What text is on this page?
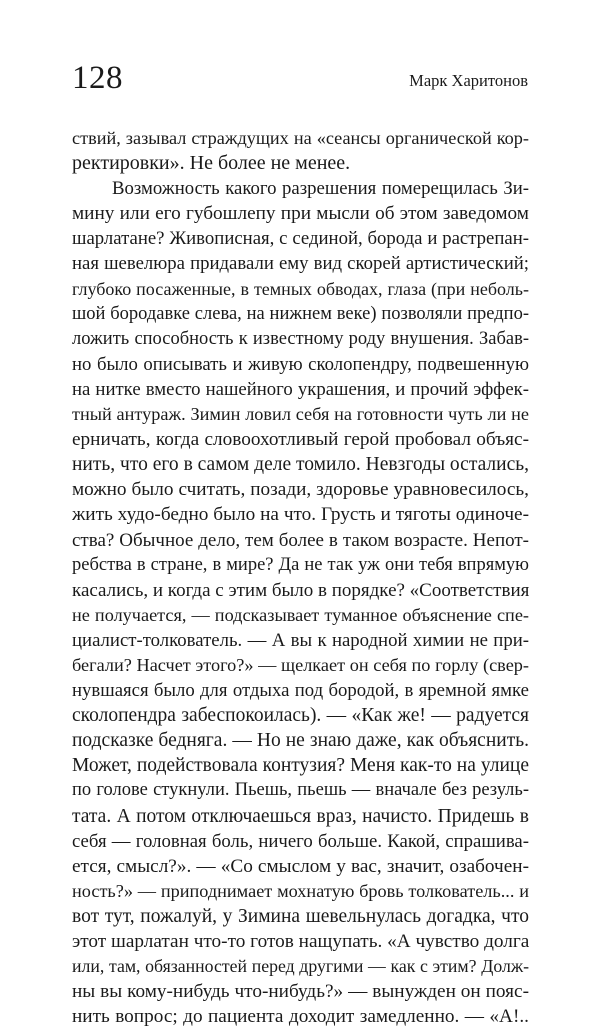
128	Марк Харитонов
ствий, зазывал страждущих на «сеансы органической кор-
ректировки». Не более не менее.
Возможность какого разрешения померещилась Зи-
мину или его губошлепу при мысли об этом заведомом
шарлатане? Живописная, с сединой, борода и растрепан-
ная шевелюра придавали ему вид скорей артистический;
глубоко посаженные, в темных обводах, глаза (при неболь-
шой бородавке слева, на нижнем веке) позволяли предпо-
ложить способность к известному роду внушения. Забав-
но было описывать и живую сколопендру, подвешенную
на нитке вместо нашейного украшения, и прочий эффек-
тный антураж. Зимин ловил себя на готовности чуть ли не
ерничать, когда словоохотливый герой пробовал объяс-
нить, что его в самом деле томило. Невзгоды остались,
можно было считать, позади, здоровье уравновесилось,
жить худо-бедно было на что. Грусть и тяготы одиноче-
ства? Обычное дело, тем более в таком возрасте. Непот-
ребства в стране, в мире? Да не так уж они тебя впрямую
касались, и когда с этим было в порядке? «Соответствия
не получается, — подсказывает туманное объяснение спе-
циалист-толкователь. — А вы к народной химии не при-
бегали? Насчет этого?» — щелкает он себя по горлу (свер-
нувшаяся было для отдыха под бородой, в яремной ямке
сколопендра забеспокоилась). — «Как же! — радуется
подсказке бедняга. — Но не знаю даже, как объяснить.
Может, подействовала контузия? Меня как-то на улице
по голове стукнули. Пьешь, пьешь — вначале без резуль-
тата. А потом отключаешься враз, начисто. Придешь в
себя — головная боль, ничего больше. Какой, спрашива-
ется, смысл?». — «Со смыслом у вас, значит, озабочен-
ность?» — приподнимает мохнатую бровь толкователь... и
вот тут, пожалуй, у Зимина шевельнулась догадка, что
этот шарлатан что-то готов нащупать. «А чувство долга
или, там, обязанностей перед другими — как с этим? Долж-
ны вы кому-нибудь что-нибудь?» — вынужден он пояс-
нить вопрос; до пациента доходит замедленно. — «А!..
